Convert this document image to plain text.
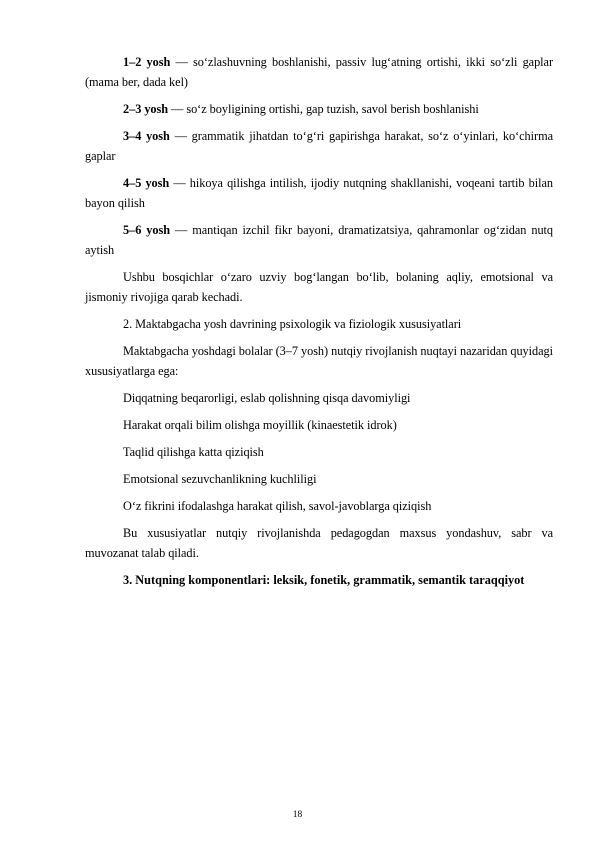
1–2 yosh — so‘zlashuvning boshlanishi, passiv lug‘atning ortishi, ikki so‘zli gaplar (mama ber, dada kel)

2–3 yosh — so‘z boyligining ortishi, gap tuzish, savol berish boshlanishi

3–4 yosh — grammatik jihatdan to‘g‘ri gapirishga harakat, so‘z o‘yinlari, ko‘chirma gaplar

4–5 yosh — hikoya qilishga intilish, ijodiy nutqning shakllanishi, voqeani tartib bilan bayon qilish

5–6 yosh — mantiqan izchil fikr bayoni, dramatizatsiya, qahramonlar og‘zidan nutq aytish

Ushbu bosqichlar o‘zaro uzviy bog‘langan bo‘lib, bolaning aqliy, emotsional va jismoniy rivojiga qarab kechadi.

2. Maktabgacha yosh davrining psixologik va fiziologik xususiyatlari

Maktabgacha yoshdagi bolalar (3–7 yosh) nutqiy rivojlanish nuqtayi nazaridan quyidagi xususiyatlarga ega:

Diqqatning beqarorligi, eslab qolishning qisqa davomiyligi

Harakat orqali bilim olishga moyillik (kinaestetik idrok)

Taqlid qilishga katta qiziqish

Emotsional sezuvchanlikning kuchliligi

O‘z fikrini ifodalashga harakat qilish, savol-javoblarga qiziqish

Bu xususiyatlar nutqiy rivojlanishda pedagogdan maxsus yondashuv, sabr va muvozanat talab qiladi.

3. Nutqning komponentlari: leksik, fonetik, grammatik, semantik taraqqiyot

18
